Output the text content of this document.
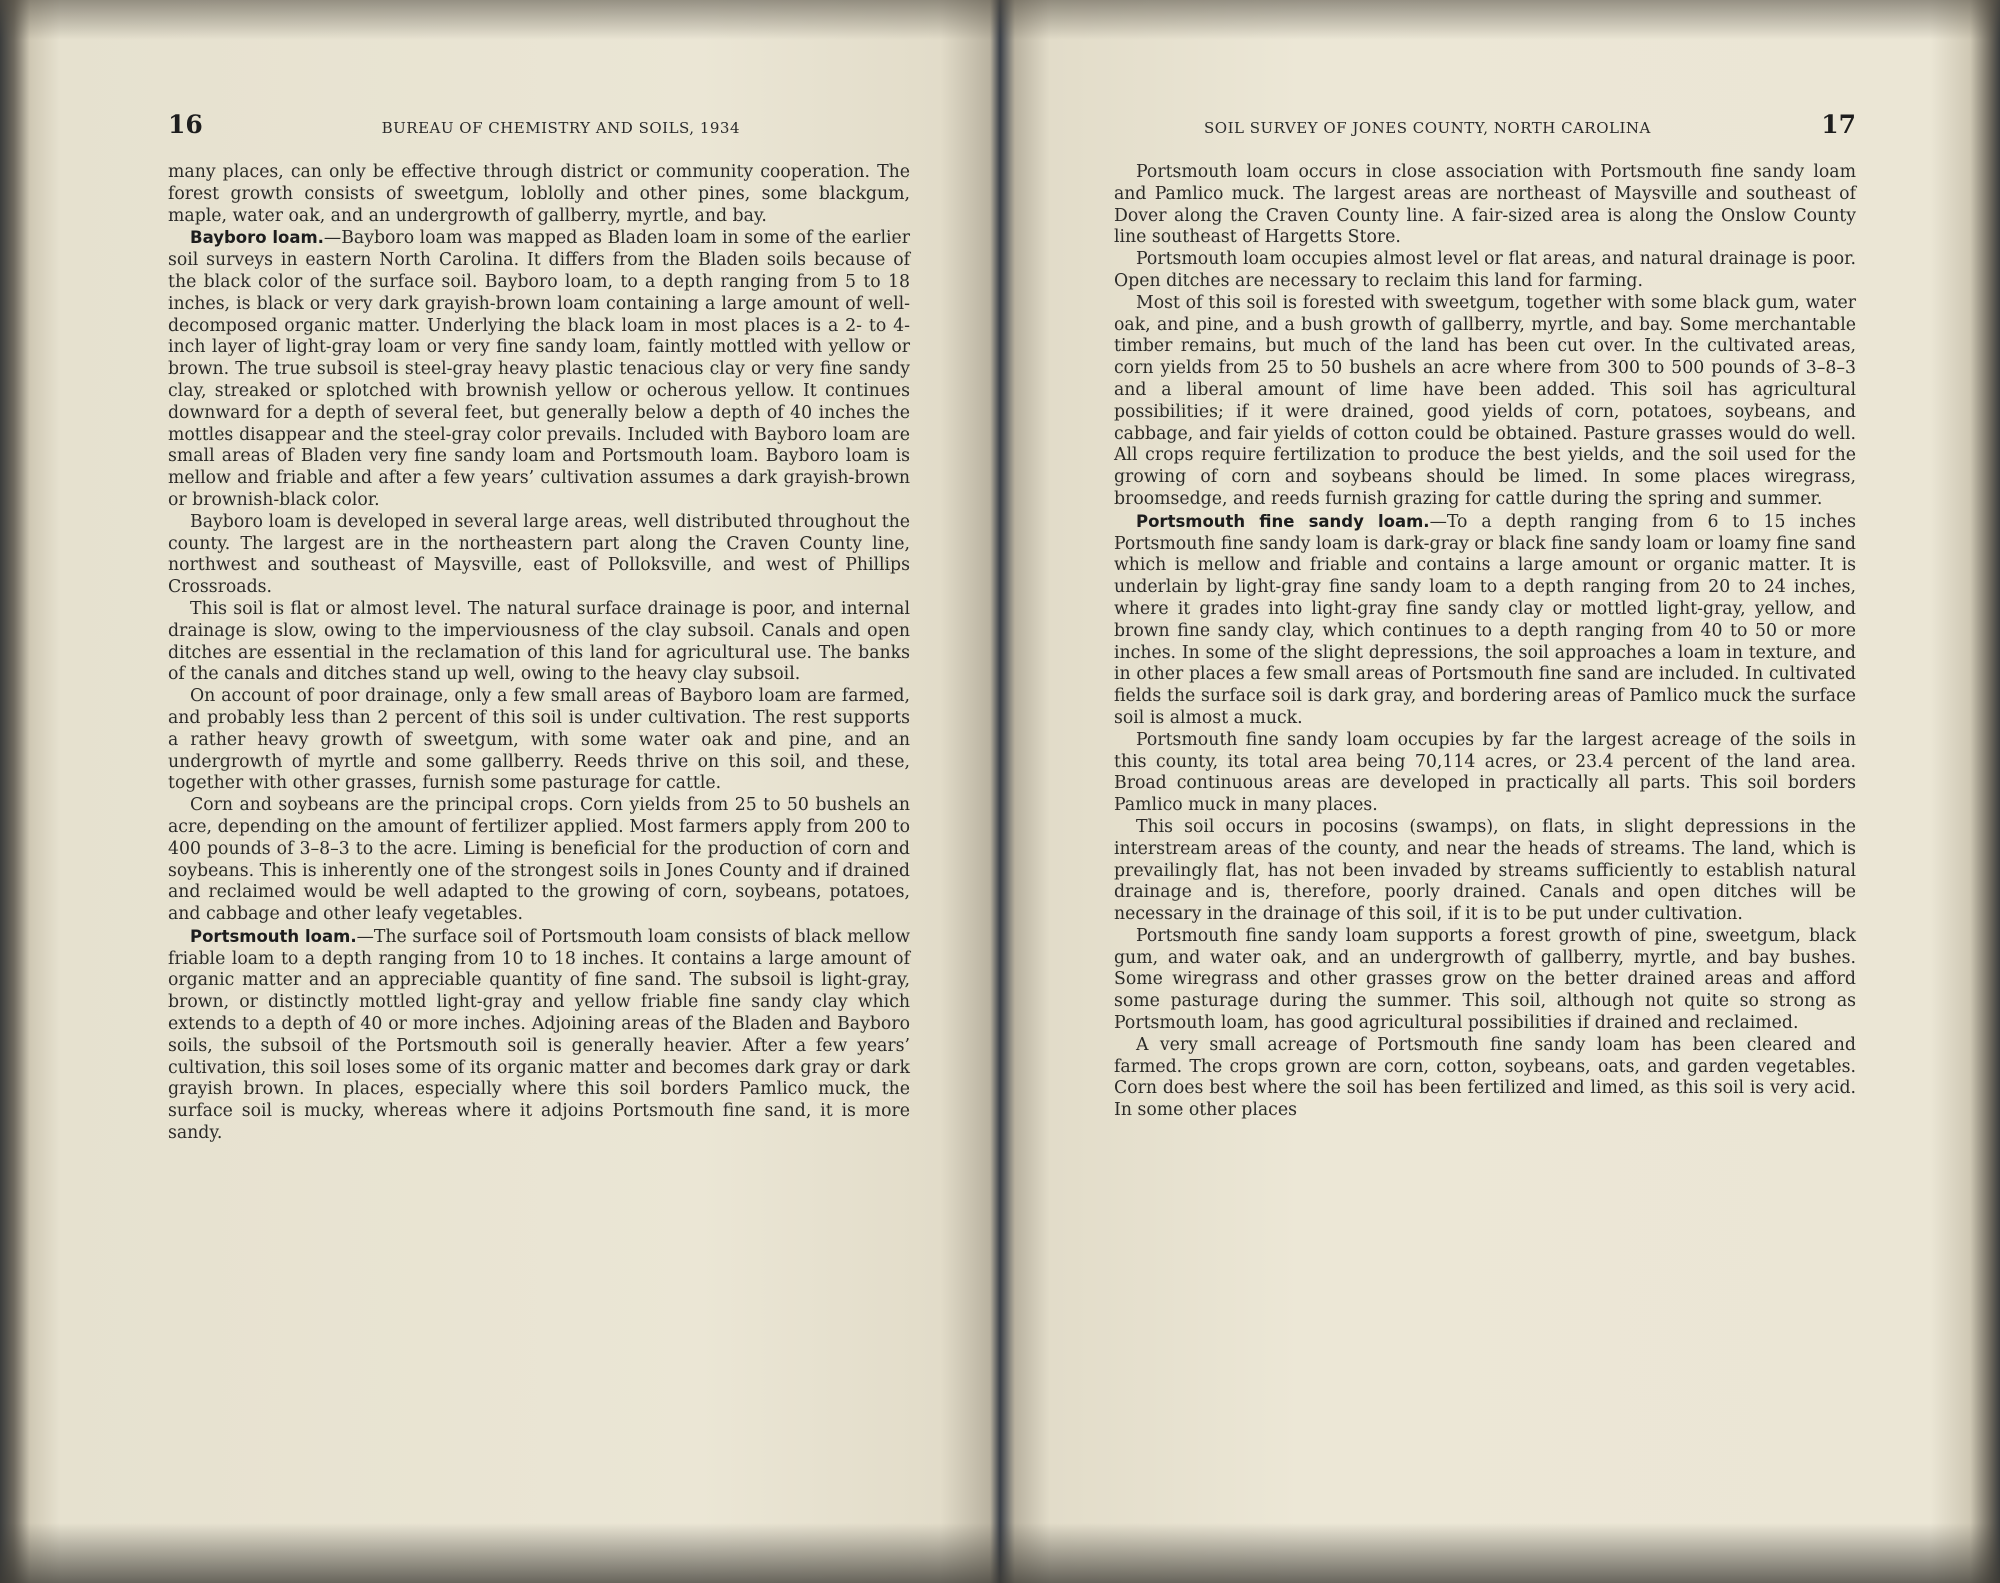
16	BUREAU OF CHEMISTRY AND SOILS, 1934

many places, can only be effective through district or community cooperation. The forest growth consists of sweetgum, loblolly and other pines, some blackgum, maple, water oak, and an undergrowth of gallberry, myrtle, and bay.

Bayboro loam.—Bayboro loam was mapped as Bladen loam in some of the earlier soil surveys in eastern North Carolina. It differs from the Bladen soils because of the black color of the surface soil. Bayboro loam, to a depth ranging from 5 to 18 inches, is black or very dark grayish-brown loam containing a large amount of well-decomposed organic matter. Underlying the black loam in most places is a 2- to 4-inch layer of light-gray loam or very fine sandy loam, faintly mottled with yellow or brown. The true subsoil is steel-gray heavy plastic tenacious clay or very fine sandy clay, streaked or splotched with brownish yellow or ocherous yellow. It continues downward for a depth of several feet, but generally below a depth of 40 inches the mottles disappear and the steel-gray color prevails. Included with Bayboro loam are small areas of Bladen very fine sandy loam and Portsmouth loam. Bayboro loam is mellow and friable and after a few years’ cultivation assumes a dark grayish-brown or brownish-black color.

Bayboro loam is developed in several large areas, well distributed throughout the county. The largest are in the northeastern part along the Craven County line, northwest and southeast of Maysville, east of Polloksville, and west of Phillips Crossroads.

This soil is flat or almost level. The natural surface drainage is poor, and internal drainage is slow, owing to the imperviousness of the clay subsoil. Canals and open ditches are essential in the reclamation of this land for agricultural use. The banks of the canals and ditches stand up well, owing to the heavy clay subsoil.

On account of poor drainage, only a few small areas of Bayboro loam are farmed, and probably less than 2 percent of this soil is under cultivation. The rest supports a rather heavy growth of sweetgum, with some water oak and pine, and an undergrowth of myrtle and some gallberry. Reeds thrive on this soil, and these, together with other grasses, furnish some pasturage for cattle.

Corn and soybeans are the principal crops. Corn yields from 25 to 50 bushels an acre, depending on the amount of fertilizer applied. Most farmers apply from 200 to 400 pounds of 3–8–3 to the acre. Liming is beneficial for the production of corn and soybeans. This is inherently one of the strongest soils in Jones County and if drained and reclaimed would be well adapted to the growing of corn, soybeans, potatoes, and cabbage and other leafy vegetables.

Portsmouth loam.—The surface soil of Portsmouth loam consists of black mellow friable loam to a depth ranging from 10 to 18 inches. It contains a large amount of organic matter and an appreciable quantity of fine sand. The subsoil is light-gray, brown, or distinctly mottled light-gray and yellow friable fine sandy clay which extends to a depth of 40 or more inches. Adjoining areas of the Bladen and Bayboro soils, the subsoil of the Portsmouth soil is generally heavier. After a few years’ cultivation, this soil loses some of its organic matter and becomes dark gray or dark grayish brown. In places, especially where this soil borders Pamlico muck, the surface soil is mucky, whereas where it adjoins Portsmouth fine sand, it is more sandy.

SOIL SURVEY OF JONES COUNTY, NORTH CAROLINA	17

Portsmouth loam occurs in close association with Portsmouth fine sandy loam and Pamlico muck. The largest areas are northeast of Maysville and southeast of Dover along the Craven County line. A fair-sized area is along the Onslow County line southeast of Hargetts Store.

Portsmouth loam occupies almost level or flat areas, and natural drainage is poor. Open ditches are necessary to reclaim this land for farming.

Most of this soil is forested with sweetgum, together with some black gum, water oak, and pine, and a bush growth of gallberry, myrtle, and bay. Some merchantable timber remains, but much of the land has been cut over. In the cultivated areas, corn yields from 25 to 50 bushels an acre where from 300 to 500 pounds of 3–8–3 and a liberal amount of lime have been added. This soil has agricultural possibilities; if it were drained, good yields of corn, potatoes, soybeans, and cabbage, and fair yields of cotton could be obtained. Pasture grasses would do well. All crops require fertilization to produce the best yields, and the soil used for the growing of corn and soybeans should be limed. In some places wiregrass, broomsedge, and reeds furnish grazing for cattle during the spring and summer.

Portsmouth fine sandy loam.—To a depth ranging from 6 to 15 inches Portsmouth fine sandy loam is dark-gray or black fine sandy loam or loamy fine sand which is mellow and friable and contains a large amount or organic matter. It is underlain by light-gray fine sandy loam to a depth ranging from 20 to 24 inches, where it grades into light-gray fine sandy clay or mottled light-gray, yellow, and brown fine sandy clay, which continues to a depth ranging from 40 to 50 or more inches. In some of the slight depressions, the soil approaches a loam in texture, and in other places a few small areas of Portsmouth fine sand are included. In cultivated fields the surface soil is dark gray, and bordering areas of Pamlico muck the surface soil is almost a muck.

Portsmouth fine sandy loam occupies by far the largest acreage of the soils in this county, its total area being 70,114 acres, or 23.4 percent of the land area. Broad continuous areas are developed in practically all parts. This soil borders Pamlico muck in many places.

This soil occurs in pocosins (swamps), on flats, in slight depressions in the interstream areas of the county, and near the heads of streams. The land, which is prevailingly flat, has not been invaded by streams sufficiently to establish natural drainage and is, therefore, poorly drained. Canals and open ditches will be necessary in the drainage of this soil, if it is to be put under cultivation.

Portsmouth fine sandy loam supports a forest growth of pine, sweetgum, black gum, and water oak, and an undergrowth of gallberry, myrtle, and bay bushes. Some wiregrass and other grasses grow on the better drained areas and afford some pasturage during the summer. This soil, although not quite so strong as Portsmouth loam, has good agricultural possibilities if drained and reclaimed.

A very small acreage of Portsmouth fine sandy loam has been cleared and farmed. The crops grown are corn, cotton, soybeans, oats, and garden vegetables. Corn does best where the soil has been fertilized and limed, as this soil is very acid. In some other places
